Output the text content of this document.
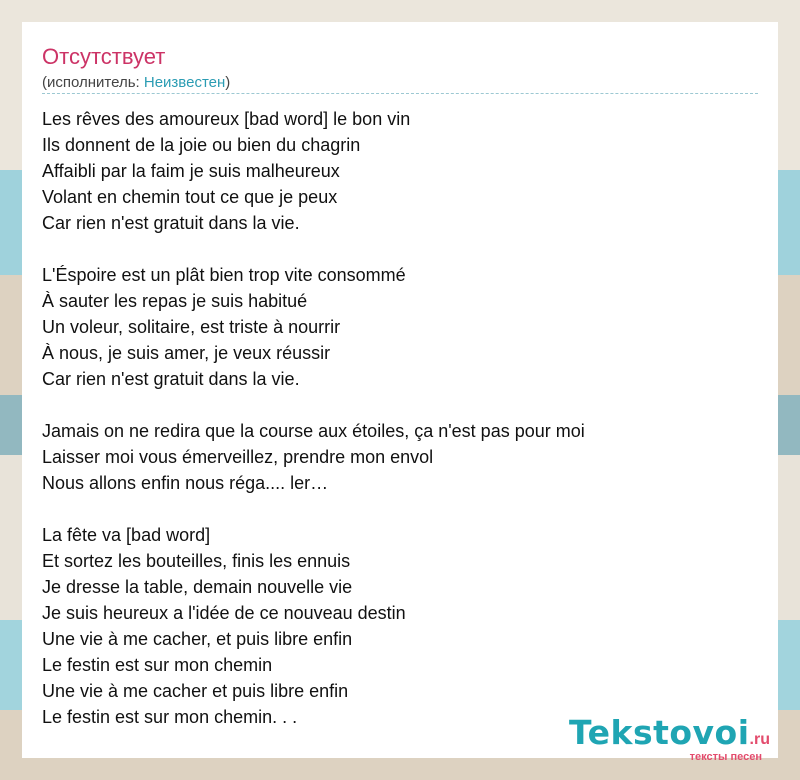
Отсутствует
(исполнитель: Неизвестен)
Les rêves des amoureux [bad word] le bon vin
Ils donnent de la joie ou bien du chagrin
Affaibli par la faim je suis malheureux
Volant en chemin tout ce que je peux
Car rien n'est gratuit dans la vie.
L'Éspoire est un plât bien trop vite consommé
À sauter les repas je suis habitué
Un voleur, solitaire, est triste à nourrir
À nous, je suis amer, je veux réussir
Car rien n'est gratuit dans la vie.
Jamais on ne redira que la course aux étoiles, ça n'est pas pour moi
Laisser moi vous émerveillez, prendre mon envol
Nous allons enfin nous réga.... ler…
La fête va [bad word]
Et sortez les bouteilles, finis les ennuis
Je dresse la table, demain nouvelle vie
Je suis heureux a l'idée de ce nouveau destin
Une vie à me cacher, et puis libre enfin
Le festin est sur mon chemin
Une vie à me cacher et puis libre enfin
Le festin est sur mon chemin. . .	Tekstovoi.ru
тексты песен
